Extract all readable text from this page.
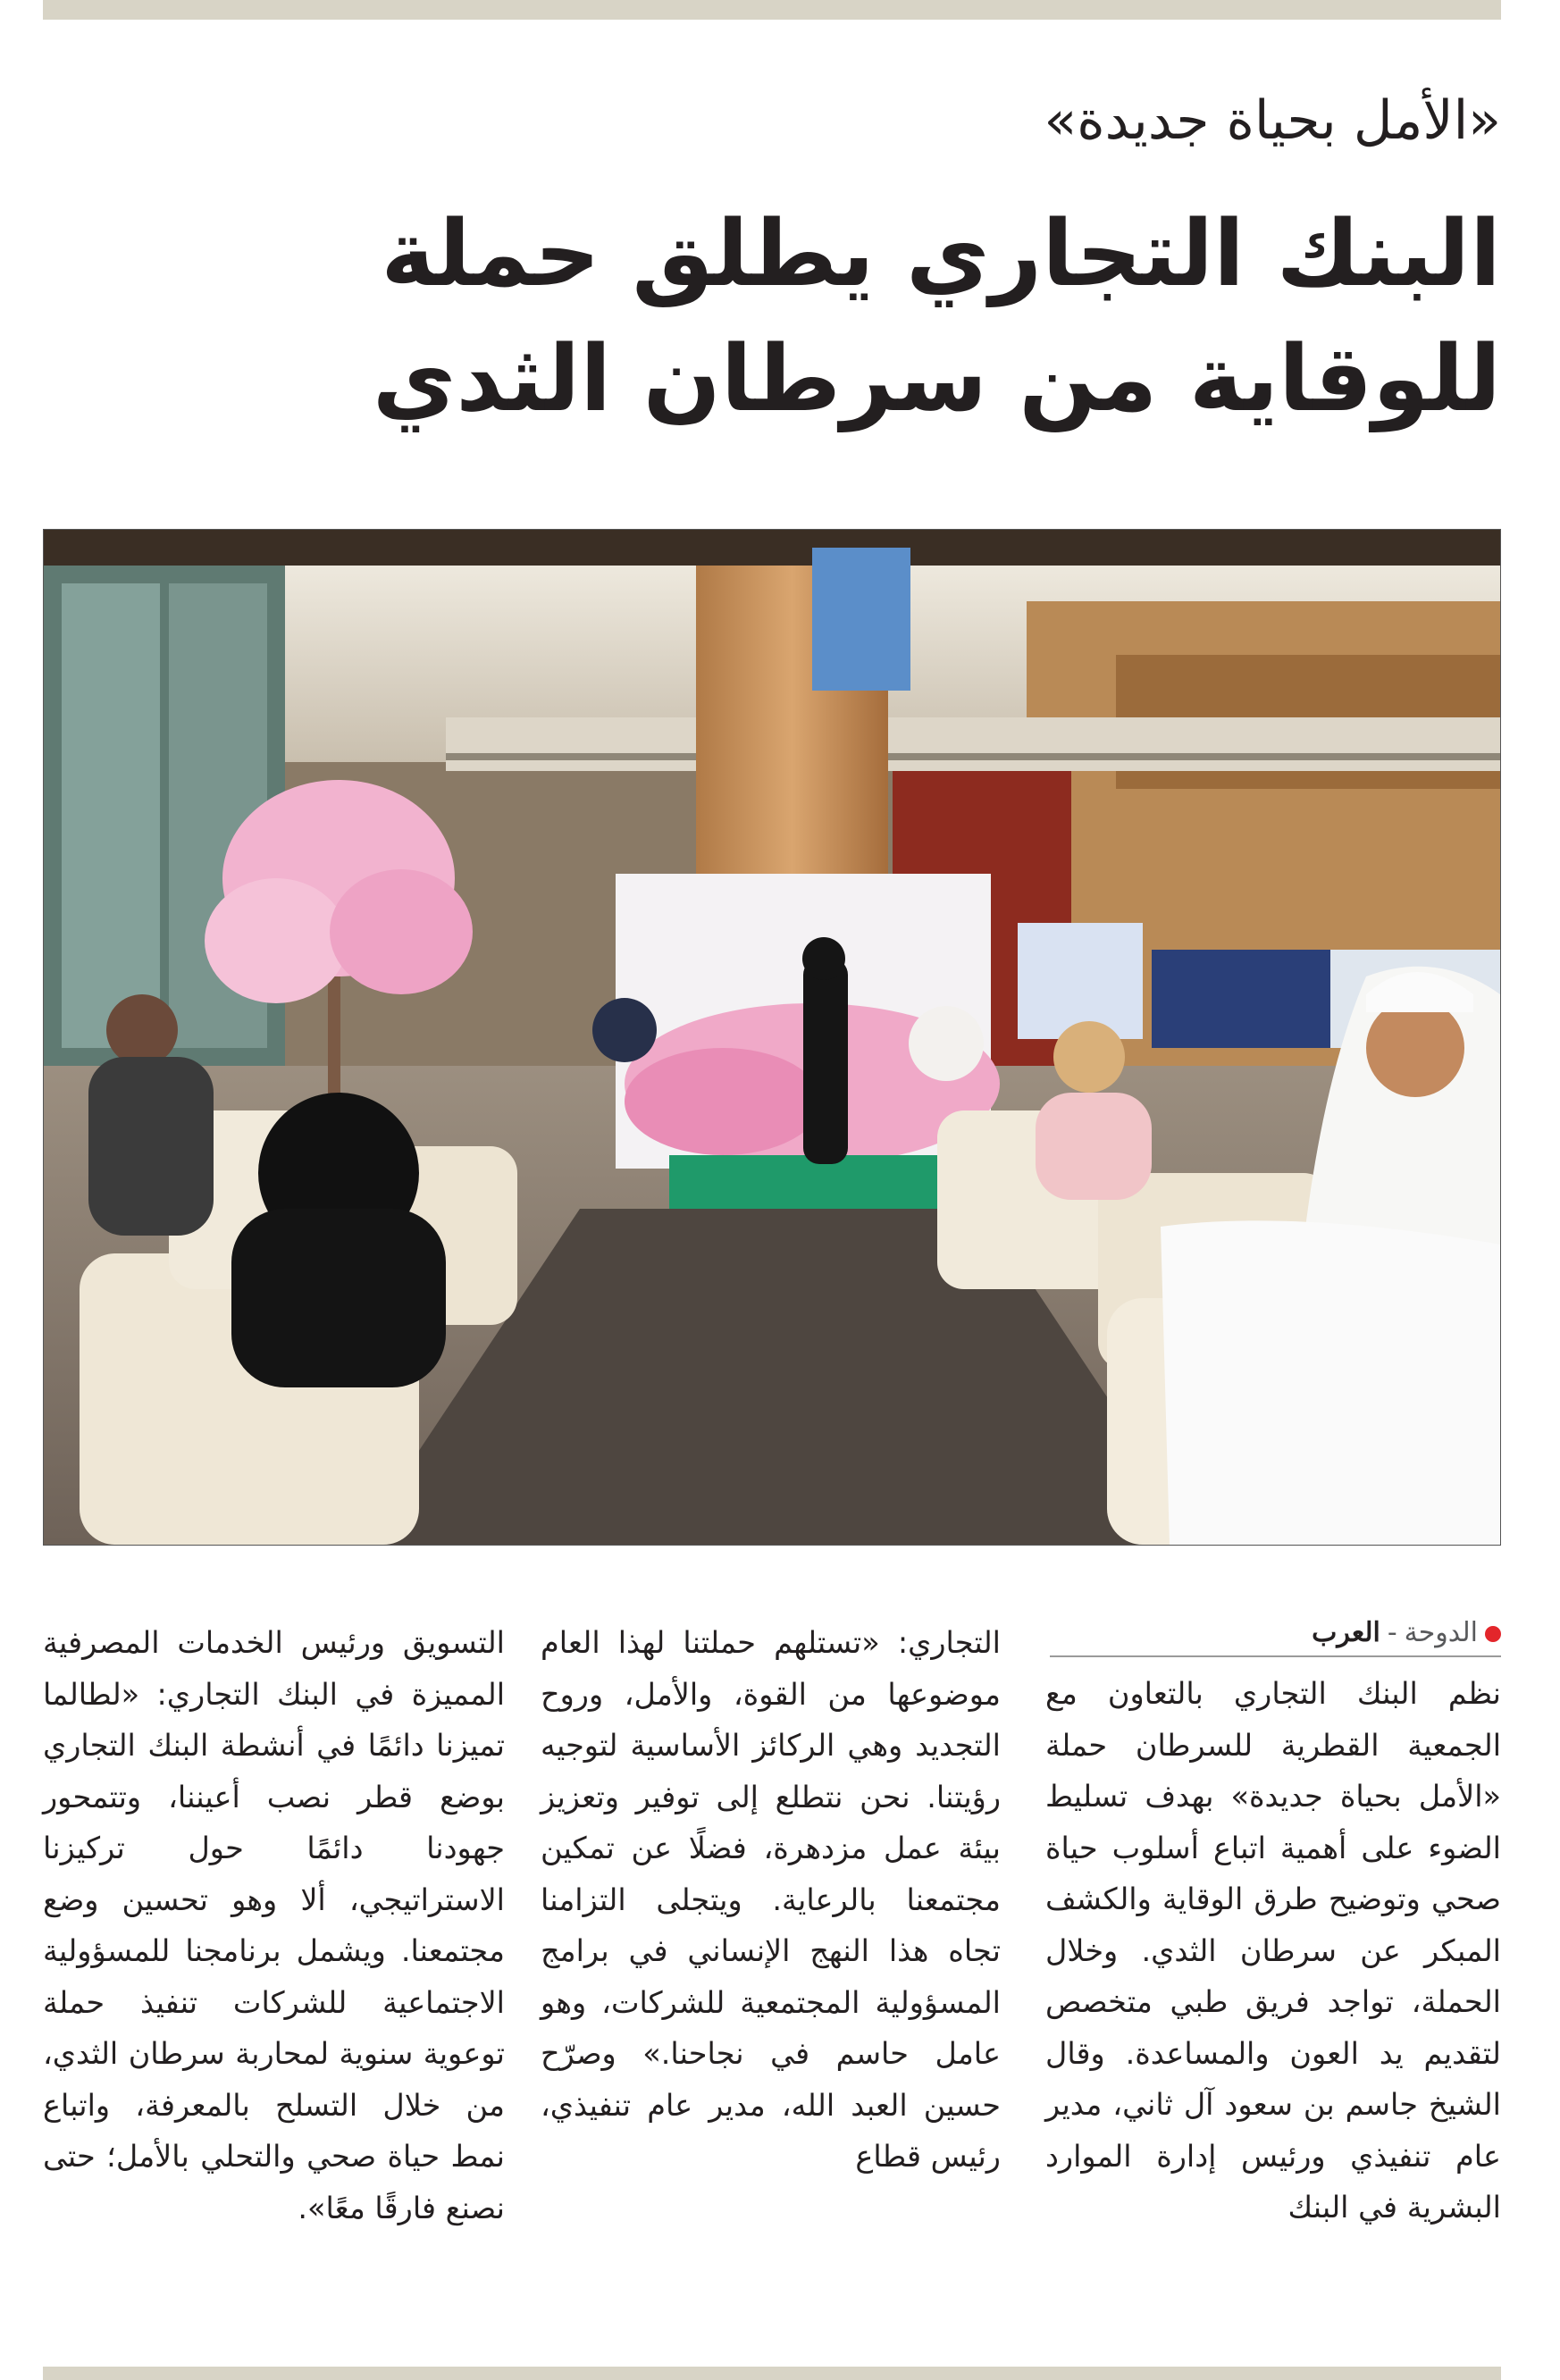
«الأمل بحياة جديدة»
البنك التجاري يطلق حملة للوقاية من سرطان الثدي
الدوحة-العرب

نظم البنك التجاري بالتعاون مع الجمعية القطرية للسرطان حملة «الأمل بحياة جديدة» بهدف تسليط الضوء على أهمية اتباع أسلوب حياة صحي وتوضيح طرق الوقاية والكشف المبكر عن سرطان الثدي. وخلال الحملة، تواجد فريق طبي متخصص لتقديم يد العون والمساعدة. وقال الشيخ جاسم بن سعود آل ثاني، مدير عام تنفيذي ورئيس إدارة الموارد البشرية في البنك

التجاري: «تستلهم حملتنا لهذا العام موضوعها من القوة، والأمل، وروح التجديد وهي الركائز الأساسية لتوجيه رؤيتنا. نحن نتطلع إلى توفير وتعزيز بيئة عمل مزدهرة، فضلًا عن تمكين مجتمعنا بالرعاية. ويتجلى التزامنا تجاه هذا النهج الإنساني في برامج المسؤولية المجتمعية للشركات، وهو عامل حاسم في نجاحنا.» وصرّح حسين العبد الله، مدير عام تنفيذي، رئيس قطاع

التسويق ورئيس الخدمات المصرفية المميزة في البنك التجاري: «لطالما تميزنا دائمًا في أنشطة البنك التجاري بوضع قطر نصب أعيننا، وتتمحور جهودنا دائمًا حول تركيزنا الاستراتيجي، ألا وهو تحسين وضع مجتمعنا. ويشمل برنامجنا للمسؤولية الاجتماعية للشركات تنفيذ حملة توعوية سنوية لمحاربة سرطان الثدي، من خلال التسلح بالمعرفة، واتباع نمط حياة صحي والتحلي بالأمل؛ حتى نصنع فارقًا معًا».
